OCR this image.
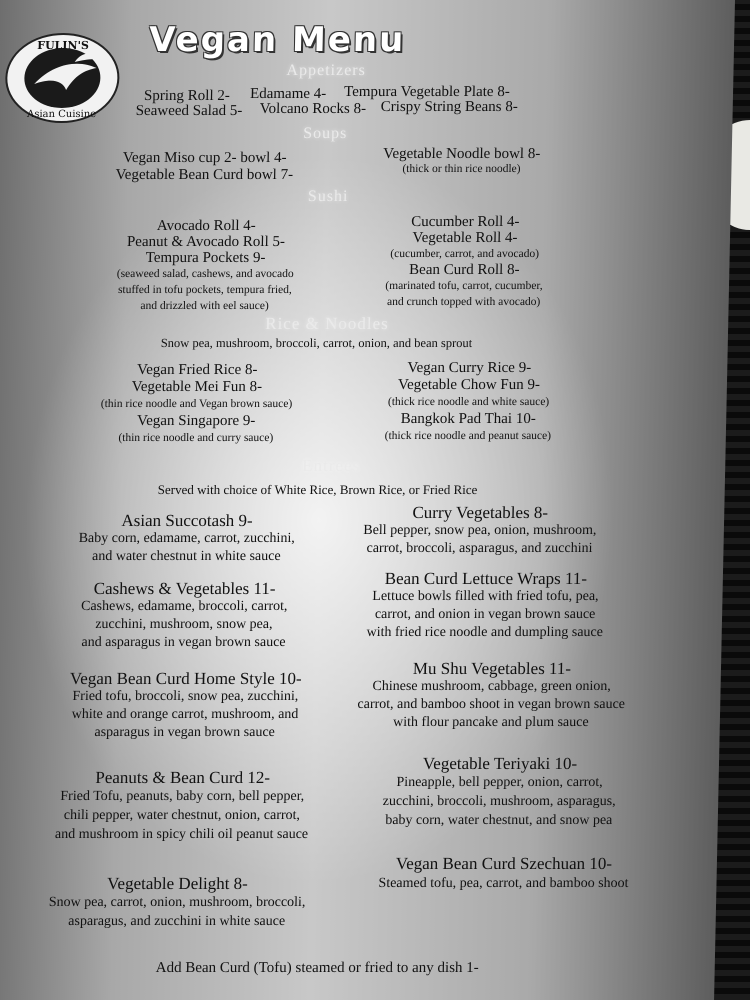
FULIN'S
Asian Cuisine
Vegan Menu
Appetizers
Spring Roll 2- Edamame 4- Tempura Vegetable Plate 8-
Seaweed Salad 5- Volcano Rocks 8- Crispy String Beans 8-
Soups
Vegan Miso cup 2- bowl 4-
Vegetable Bean Curd bowl 7-
Vegetable Noodle bowl 8-
(thick or thin rice noodle)
Sushi
Avocado Roll 4-
Peanut & Avocado Roll 5-
Tempura Pockets 9-
(seaweed salad, cashews, and avocado
stuffed in tofu pockets, tempura fried,
and drizzled with eel sauce)
Cucumber Roll 4-
Vegetable Roll 4-
(cucumber, carrot, and avocado)
Bean Curd Roll 8-
(marinated tofu, carrot, cucumber,
and crunch topped with avocado)
Rice & Noodles
Snow pea, mushroom, broccoli, carrot, onion, and bean sprout
Vegan Fried Rice 8-
Vegetable Mei Fun 8-
(thin rice noodle and Vegan brown sauce)
Vegan Singapore 9-
(thin rice noodle and curry sauce)
Vegan Curry Rice 9-
Vegetable Chow Fun 9-
(thick rice noodle and white sauce)
Bangkok Pad Thai 10-
(thick rice noodle and peanut sauce)
Entrees
Served with choice of White Rice, Brown Rice, or Fried Rice
Asian Succotash 9-
Baby corn, edamame, carrot, zucchini,
and water chestnut in white sauce
Cashews & Vegetables 11-
Cashews, edamame, broccoli, carrot,
zucchini, mushroom, snow pea,
and asparagus in vegan brown sauce
Vegan Bean Curd Home Style 10-
Fried tofu, broccoli, snow pea, zucchini,
white and orange carrot, mushroom, and
asparagus in vegan brown sauce
Peanuts & Bean Curd 12-
Fried Tofu, peanuts, baby corn, bell pepper,
chili pepper, water chestnut, onion, carrot,
and mushroom in spicy chili oil peanut sauce
Vegetable Delight 8-
Snow pea, carrot, onion, mushroom, broccoli,
asparagus, and zucchini in white sauce
Curry Vegetables 8-
Bell pepper, snow pea, onion, mushroom,
carrot, broccoli, asparagus, and zucchini
Bean Curd Lettuce Wraps 11-
Lettuce bowls filled with fried tofu, pea,
carrot, and onion in vegan brown sauce
with fried rice noodle and dumpling sauce
Mu Shu Vegetables 11-
Chinese mushroom, cabbage, green onion,
carrot, and bamboo shoot in vegan brown sauce
with flour pancake and plum sauce
Vegetable Teriyaki 10-
Pineapple, bell pepper, onion, carrot,
zucchini, broccoli, mushroom, asparagus,
baby corn, water chestnut, and snow pea
Vegan Bean Curd Szechuan 10-
Steamed tofu, pea, carrot, and bamboo shoot
Add Bean Curd (Tofu) steamed or fried to any dish 1-
